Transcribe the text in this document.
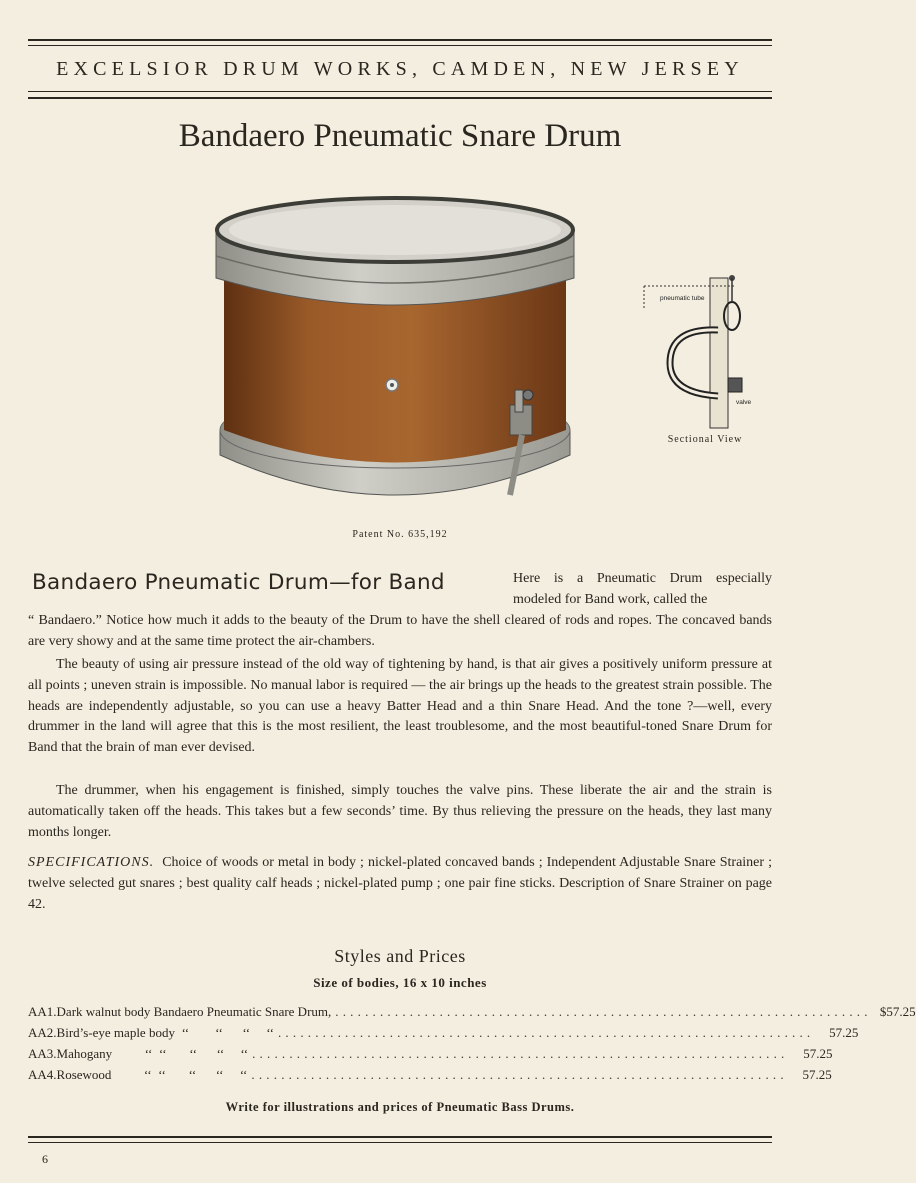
EXCELSIOR DRUM WORKS, CAMDEN, NEW JERSEY
Bandaero Pneumatic Snare Drum
Patent No. 635,192
pneumatic tube
valve
Sectional View
Bandaero Pneumatic Drum—for Band	Here is a Pneumatic Drum especially modeled for Band work, called the

“ Bandaero.” Notice how much it adds to the beauty of the Drum to have the shell cleared of rods and ropes. The concaved bands are very showy and at the same time protect the air-chambers.

The beauty of using air pressure instead of the old way of tightening by hand, is that air gives a positively uniform pressure at all points ; uneven strain is impossible. No manual labor is required — the air brings up the heads to the greatest strain possible. The heads are independently adjustable, so you can use a heavy Batter Head and a thin Snare Head. And the tone ?—well, every drummer in the land will agree that this is the most resilient, the least troublesome, and the most beautiful-toned Snare Drum for Band that the brain of man ever devised.

The drummer, when his engagement is finished, simply touches the valve pins. These liberate the air and the strain is automatically taken off the heads. This takes but a few seconds’ time. By thus relieving the pressure on the heads, they last many months longer.

SPECIFICATIONS. Choice of woods or metal in body ; nickel-plated concaved bands ; Independent Adjustable Snare Strainer ; twelve selected gut snares ; best quality calf heads ; nickel-plated pump ; one pair fine sticks. Description of Snare Strainer on page 42.

Styles and Prices
Size of bodies, 16 x 10 inches
AA1. Dark walnut body Bandaero Pneumatic Snare Drum, ........................................................................ $57.25
AA2. Bird’s-eye maple body  ‘‘        ‘‘      ‘‘     ‘‘ ........................................................................	57.25
AA3. Mahogany          ‘‘  ‘‘       ‘‘      ‘‘     ‘‘ ........................................................................	57.25
AA4. Rosewood          ‘‘  ‘‘       ‘‘      ‘‘     ‘‘ ........................................................................	57.25
Write for illustrations and prices of Pneumatic Bass Drums.
6
